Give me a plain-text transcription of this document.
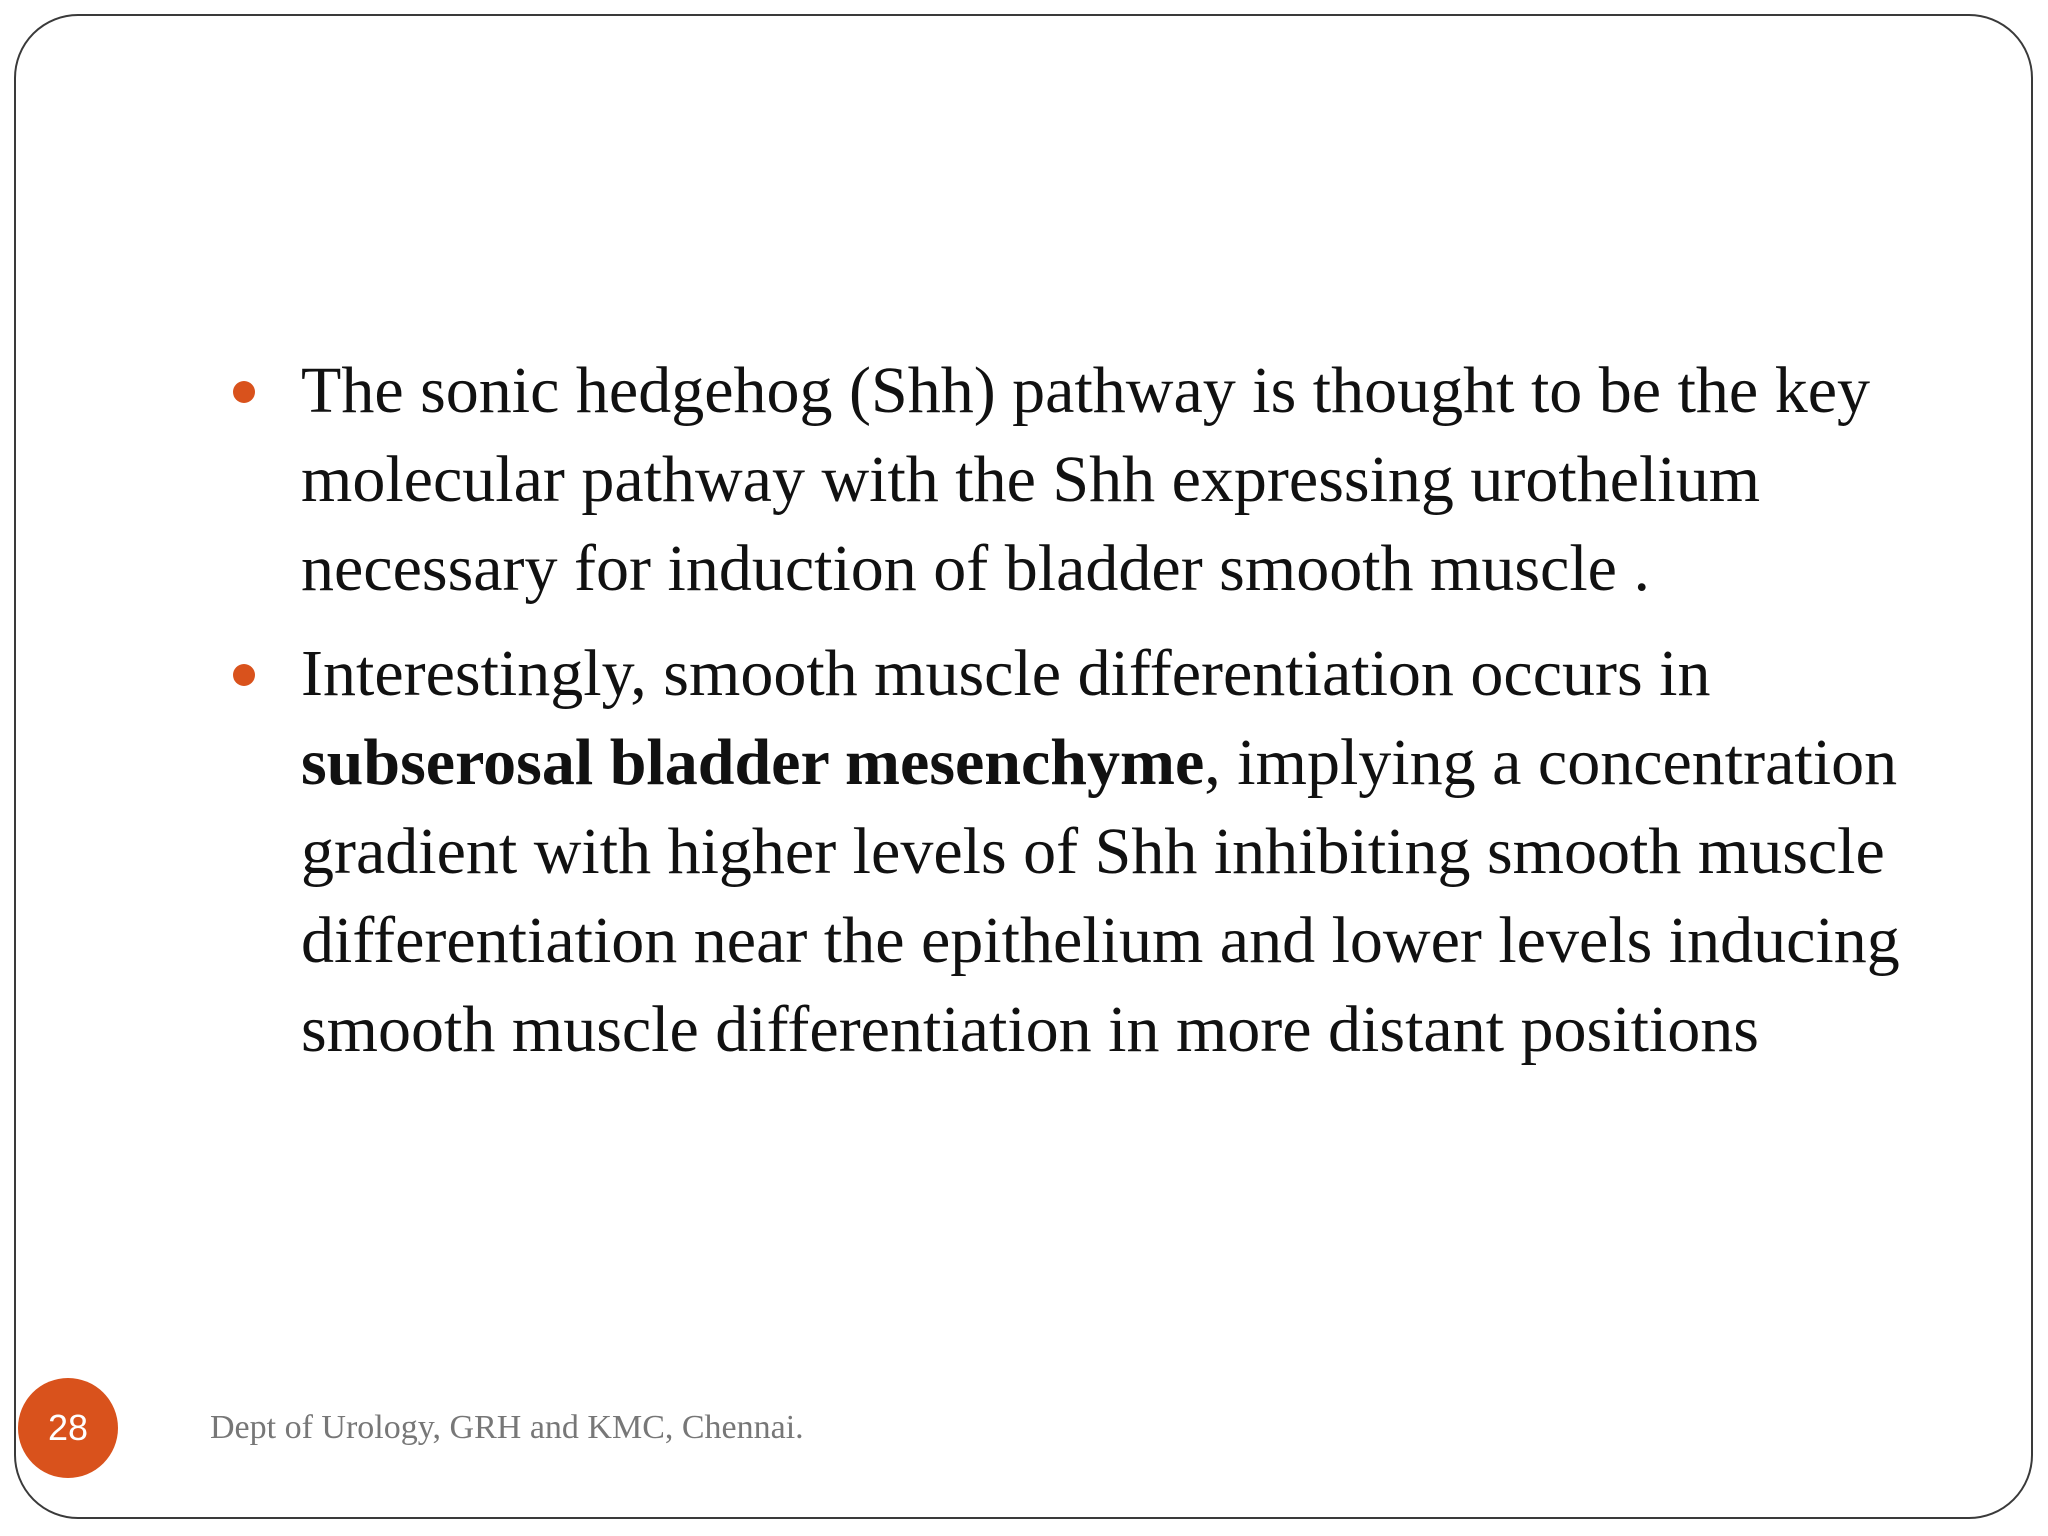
The sonic hedgehog (Shh) pathway is thought to be the key molecular pathway with the Shh expressing urothelium necessary for induction of bladder smooth muscle .
Interestingly, smooth muscle differentiation occurs in subserosal bladder mesenchyme, implying a concentration gradient with higher levels of Shh inhibiting smooth muscle differentiation near the epithelium and lower levels inducing smooth muscle differentiation in more distant positions
28	Dept of Urology, GRH and KMC, Chennai.
